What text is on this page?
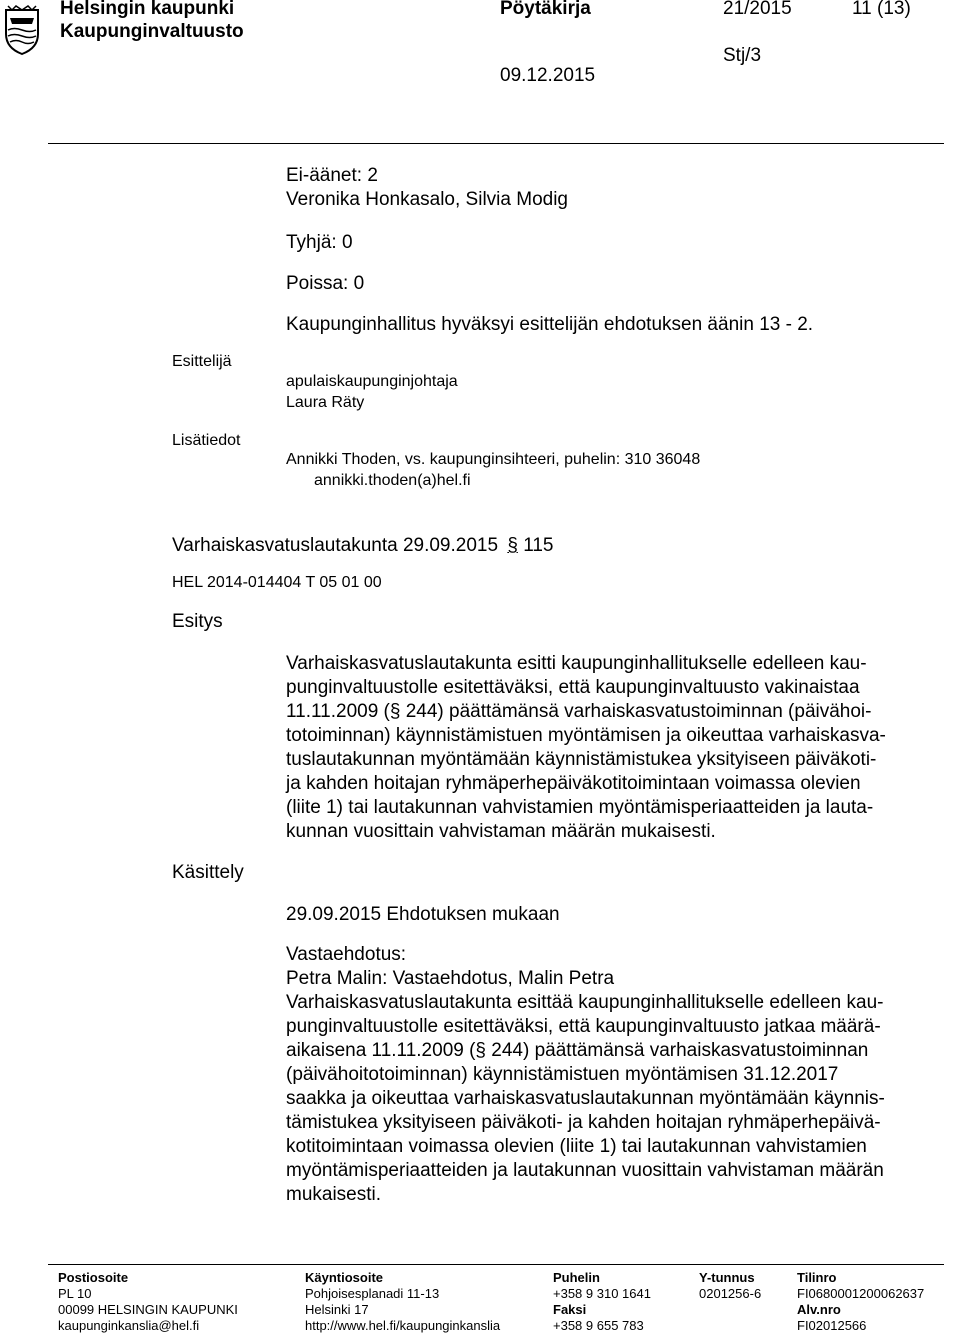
Helsingin kaupunki
Kaupunginvaltuusto
Pöytäkirja
09.12.2015
21/2015	11 (13)
Stj/3
Ei-äänet: 2
Veronika Honkasalo, Silvia Modig
Tyhjä: 0
Poissa: 0
Kaupunginhallitus hyväksyi esittelijän ehdotuksen äänin 13 - 2.
Esittelijä
apulaiskaupunginjohtaja
Laura Räty
Lisätiedot
Annikki Thoden, vs. kaupunginsihteeri, puhelin: 310 36048
annikki.thoden(a)hel.fi
Varhaiskasvatuslautakunta 29.09.2015 § 115
HEL 2014-014404 T 05 01 00
Esitys
Varhaiskasvatuslautakunta esitti kaupunginhallitukselle edelleen kau-
punginvaltuustolle esitettäväksi, että kaupunginvaltuusto vakinaistaa
11.11.2009 (§ 244) päättämänsä varhaiskasvatustoiminnan (päivähoi-
totoiminnan) käynnistämistuen myöntämisen ja oikeuttaa varhaiskasva-
tuslautakunnan myöntämään käynnistämistukea yksityiseen päiväkoti-
ja kahden hoitajan ryhmäperhepäiväkotitoimintaan voimassa olevien
(liite 1) tai lautakunnan vahvistamien myöntämisperiaatteiden ja lauta-
kunnan vuosittain vahvistaman määrän mukaisesti.
Käsittely
29.09.2015 Ehdotuksen mukaan
Vastaehdotus:
Petra Malin: Vastaehdotus, Malin Petra
Varhaiskasvatuslautakunta esittää kaupunginhallitukselle edelleen kau-
punginvaltuustolle esitettäväksi, että kaupunginvaltuusto jatkaa määrä-
aikaisena 11.11.2009 (§ 244) päättämänsä varhaiskasvatustoiminnan
(päivähoitotoiminnan) käynnistämistuen myöntämisen 31.12.2017
saakka ja oikeuttaa varhaiskasvatuslautakunnan myöntämään käynnis-
tämistukea yksityiseen päiväkoti- ja kahden hoitajan ryhmäperhepäivä-
kotitoimintaan voimassa olevien (liite 1) tai lautakunnan vahvistamien
myöntämisperiaatteiden ja lautakunnan vuosittain vahvistaman määrän
mukaisesti.
Postiosoite
PL 10
00099 HELSINGIN KAUPUNKI
kaupunginkanslia@hel.fi
Käyntiosoite
Pohjoisesplanadi 11-13
Helsinki 17
http://www.hel.fi/kaupunginkanslia
Puhelin
+358 9 310 1641
Faksi
+358 9 655 783
Y-tunnus
0201256-6
Tilinro
FI0680001200062637
Alv.nro
FI02012566
